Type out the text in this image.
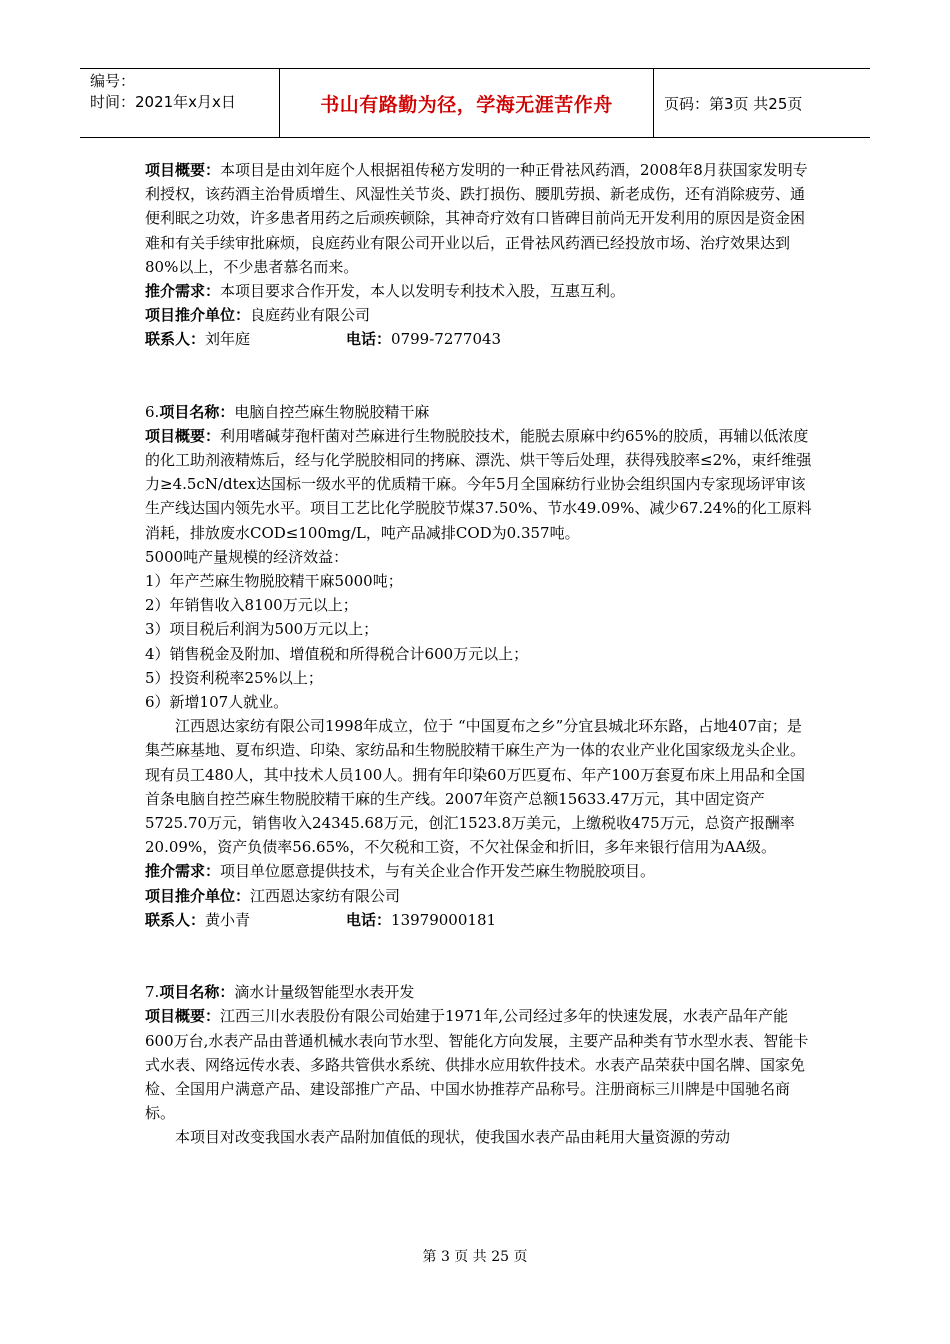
编号：
时间：2021年x月x日	书山有路勤为径，学海无涯苦作舟	页码：第3页 共25页

项目概要：本项目是由刘年庭个人根据祖传秘方发明的一种正骨祛风药酒，2008年8月获国家发明专利授权，该药酒主治骨质增生、风湿性关节炎、跌打损伤、腰肌劳损、新老成伤，还有消除疲劳、通便利眠之功效，许多患者用药之后顽疾顿除，其神奇疗效有口皆碑目前尚无开发利用的原因是资金困难和有关手续审批麻烦，良庭药业有限公司开业以后，正骨祛风药酒已经投放市场、治疗效果达到80%以上，不少患者慕名而来。

推介需求：本项目要求合作开发，本人以发明专利技术入股，互惠互利。

项目推介单位：良庭药业有限公司

联系人：刘年庭	电话：0799-7277043

6.项目名称：电脑自控苎麻生物脱胶精干麻

项目概要：利用嗜碱芽孢杆菌对苎麻进行生物脱胶技术，能脱去原麻中约65%的胶质，再辅以低浓度的化工助剂液精炼后，经与化学脱胶相同的拷麻、漂洗、烘干等后处理，获得残胶率≤2%，束纤维强力≥4.5cN/dtex达国标一级水平的优质精干麻。今年5月全国麻纺行业协会组织国内专家现场评审该生产线达国内领先水平。项目工艺比化学脱胶节煤37.50%、节水49.09%、减少67.24%的化工原料消耗，排放废水COD≤100mg/L，吨产品减排COD为0.357吨。

5000吨产量规模的经济效益：

1）年产苎麻生物脱胶精干麻5000吨；

2）年销售收入8100万元以上；

3）项目税后利润为500万元以上；

4）销售税金及附加、增值税和所得税合计600万元以上；

5）投资利税率25%以上；

6）新增107人就业。

江西恩达家纺有限公司1998年成立，位于 “中国夏布之乡”分宜县城北环东路，占地407亩；是集苎麻基地、夏布织造、印染、家纺品和生物脱胶精干麻生产为一体的农业产业化国家级龙头企业。现有员工480人，其中技术人员100人。拥有年印染60万匹夏布、年产100万套夏布床上用品和全国首条电脑自控苎麻生物脱胶精干麻的生产线。2007年资产总额15633.47万元，其中固定资产5725.70万元，销售收入24345.68万元，创汇1523.8万美元，上缴税收475万元，总资产报酬率20.09%，资产负债率56.65%，不欠税和工资，不欠社保金和折旧，多年来银行信用为AA级。

推介需求：项目单位愿意提供技术，与有关企业合作开发苎麻生物脱胶项目。

项目推介单位：江西恩达家纺有限公司

联系人：黄小青	电话：13979000181

7.项目名称：滴水计量级智能型水表开发

项目概要：江西三川水表股份有限公司始建于1971年,公司经过多年的快速发展，水表产品年产能600万台,水表产品由普通机械水表向节水型、智能化方向发展，主要产品种类有节水型水表、智能卡式水表、网络远传水表、多路共管供水系统、供排水应用软件技术。水表产品荣获中国名牌、国家免检、全国用户满意产品、建设部推广产品、中国水协推荐产品称号。注册商标三川牌是中国驰名商标。

本项目对改变我国水表产品附加值低的现状，使我国水表产品由耗用大量资源的劳动

第 3 页 共 25 页
